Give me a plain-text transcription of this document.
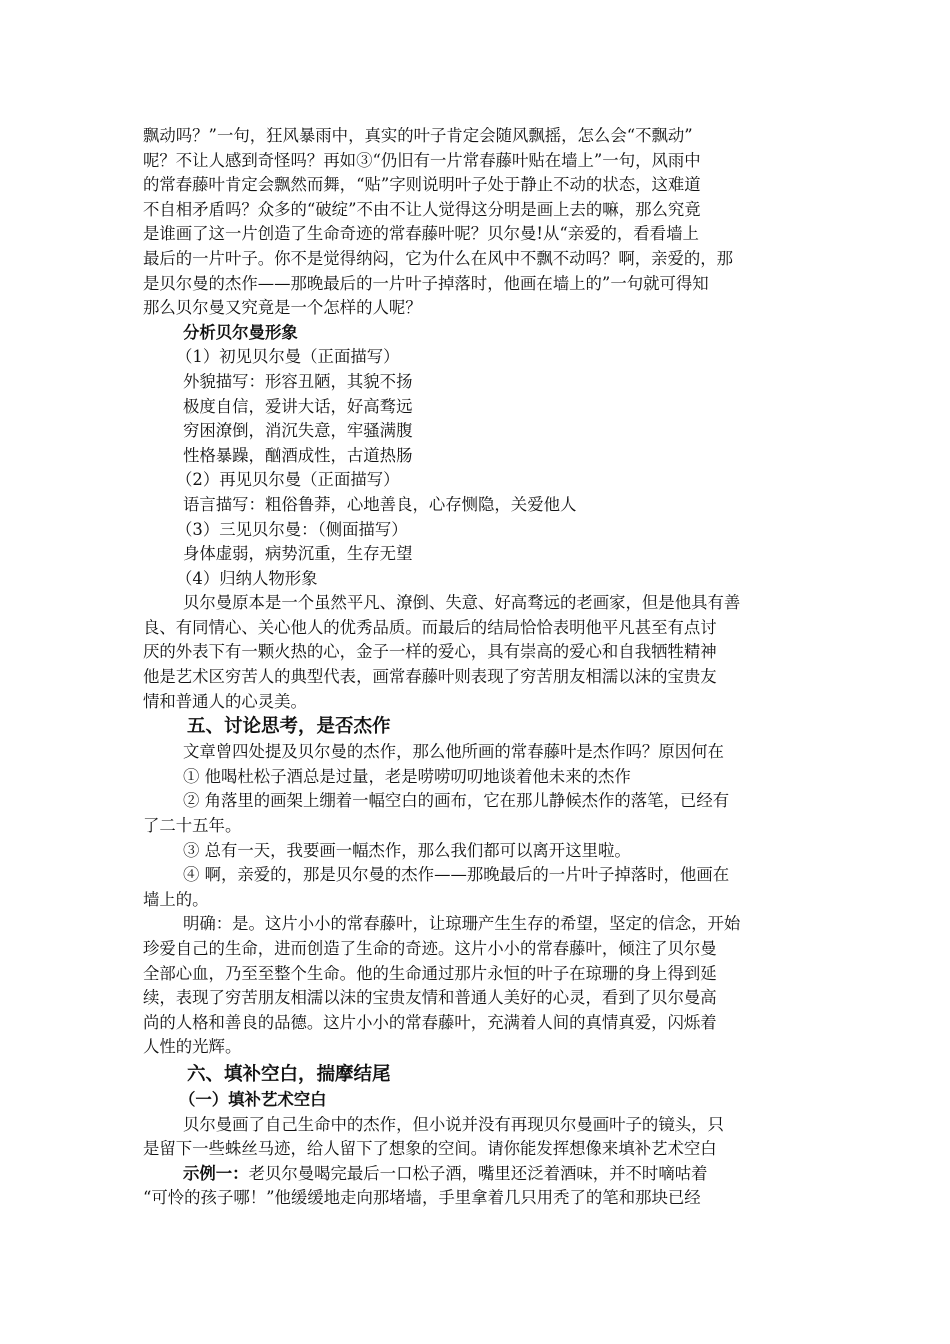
飘动吗？”一句，狂风暴雨中，真实的叶子肯定会随风飘摇，怎么会“不飘动”
呢？不让人感到奇怪吗？再如③“仍旧有一片常春藤叶贴在墙上”一句，风雨中
的常春藤叶肯定会飘然而舞，“贴”字则说明叶子处于静止不动的状态，这难道
不自相矛盾吗？众多的“破绽”不由不让人觉得这分明是画上去的嘛，那么究竟
是谁画了这一片创造了生命奇迹的常春藤叶呢？贝尔曼!从“亲爱的，看看墙上
最后的一片叶子。你不是觉得纳闷，它为什么在风中不飘不动吗？啊，亲爱的，那
是贝尔曼的杰作——那晚最后的一片叶子掉落时，他画在墙上的”一句就可得知
那么贝尔曼又究竟是一个怎样的人呢？
分析贝尔曼形象
（1）初见贝尔曼（正面描写）
外貌描写：形容丑陋，其貌不扬
极度自信，爱讲大话，好高骛远
穷困潦倒，消沉失意，牢骚满腹
性格暴躁，酗酒成性，古道热肠
（2）再见贝尔曼（正面描写）
语言描写：粗俗鲁莽，心地善良，心存恻隐，关爱他人
（3）三见贝尔曼：（侧面描写）
身体虚弱，病势沉重，生存无望
（4）归纳人物形象
贝尔曼原本是一个虽然平凡、潦倒、失意、好高骛远的老画家，但是他具有善
良、有同情心、关心他人的优秀品质。而最后的结局恰恰表明他平凡甚至有点讨
厌的外表下有一颗火热的心，金子一样的爱心，具有崇高的爱心和自我牺牲精神
他是艺术区穷苦人的典型代表，画常春藤叶则表现了穷苦朋友相濡以沫的宝贵友
情和普通人的心灵美。
五、讨论思考，是否杰作
文章曾四处提及贝尔曼的杰作，那么他所画的常春藤叶是杰作吗？原因何在
① 他喝杜松子酒总是过量，老是唠唠叨叨地谈着他未来的杰作
② 角落里的画架上绷着一幅空白的画布，它在那儿静候杰作的落笔，已经有
了二十五年。
③ 总有一天，我要画一幅杰作，那么我们都可以离开这里啦。
④ 啊，亲爱的，那是贝尔曼的杰作——那晚最后的一片叶子掉落时，他画在
墙上的。
明确：是。这片小小的常春藤叶，让琼珊产生生存的希望，坚定的信念，开始
珍爱自己的生命，进而创造了生命的奇迹。这片小小的常春藤叶，倾注了贝尔曼
全部心血，乃至至整个生命。他的生命通过那片永恒的叶子在琼珊的身上得到延
续，表现了穷苦朋友相濡以沫的宝贵友情和普通人美好的心灵，看到了贝尔曼高
尚的人格和善良的品德。这片小小的常春藤叶，充满着人间的真情真爱，闪烁着
人性的光辉。
六、填补空白，揣摩结尾
（一）填补艺术空白
贝尔曼画了自己生命中的杰作，但小说并没有再现贝尔曼画叶子的镜头，只
是留下一些蛛丝马迹，给人留下了想象的空间。请你能发挥想像来填补艺术空白
示例一：老贝尔曼喝完最后一口松子酒，嘴里还泛着酒味，并不时嘀咕着
“可怜的孩子哪！”他缓缓地走向那堵墙，手里拿着几只用秃了的笔和那块已经
